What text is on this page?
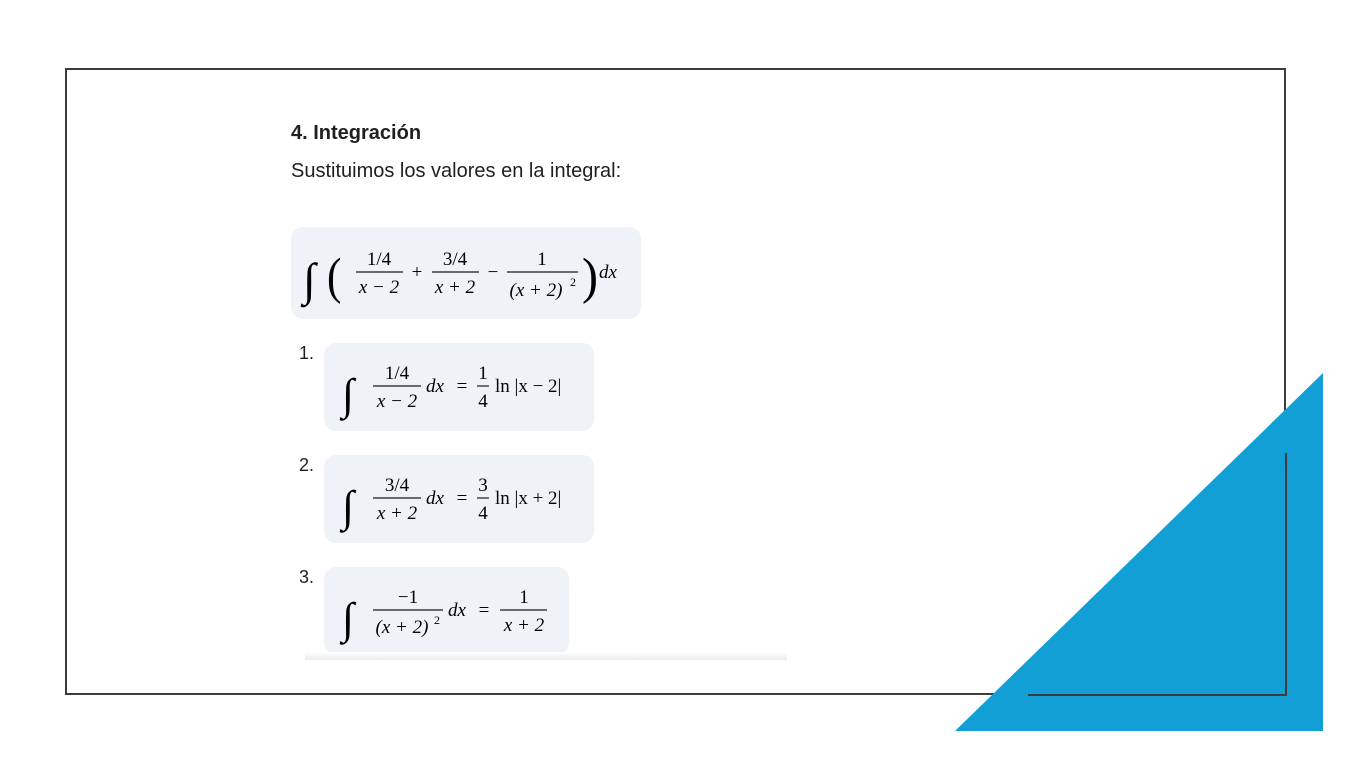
4. Integración
Sustituimos los valores en la integral:
∫ ( 1/4
x − 2
+
3/4
x + 2
−
1
(x + 2) 2 ) dx
1.
∫ 1/4
x − 2
dx =
1
4
ln |x − 2|
2.
∫ 3/4
x + 2
dx =
3
4
ln |x + 2|
3.
∫ −1
(x + 2) 2 dx =
1
x + 2
